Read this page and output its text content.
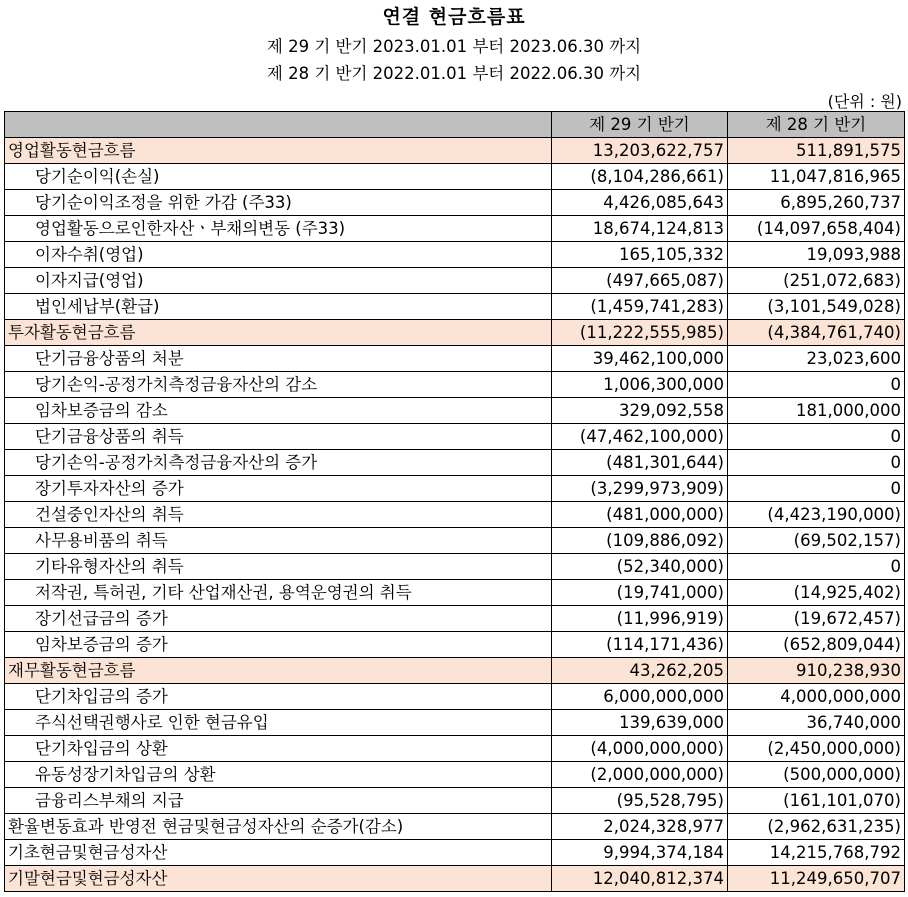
연결 현금흐름표
제 29 기 반기 2023.01.01 부터 2023.06.30 까지
제 28 기 반기 2022.01.01 부터 2022.06.30 까지
(단위 : 원)
	제 29 기 반기	제 28 기 반기
영업활동현금흐름	13,203,622,757	511,891,575
당기순이익(손실)	(8,104,286,661)	11,047,816,965
당기순이익조정을 위한 가감 (주33)	4,426,085,643	6,895,260,737
영업활동으로인한자산ㆍ부채의변동 (주33)	18,674,124,813	(14,097,658,404)
이자수취(영업)	165,105,332	19,093,988
이자지급(영업)	(497,665,087)	(251,072,683)
법인세납부(환급)	(1,459,741,283)	(3,101,549,028)
투자활동현금흐름	(11,222,555,985)	(4,384,761,740)
단기금융상품의 처분	39,462,100,000	23,023,600
당기손익-공정가치측정금융자산의 감소	1,006,300,000	0
임차보증금의 감소	329,092,558	181,000,000
단기금융상품의 취득	(47,462,100,000)	0
당기손익-공정가치측정금융자산의 증가	(481,301,644)	0
장기투자자산의 증가	(3,299,973,909)	0
건설중인자산의 취득	(481,000,000)	(4,423,190,000)
사무용비품의 취득	(109,886,092)	(69,502,157)
기타유형자산의 취득	(52,340,000)	0
저작권, 특허권, 기타 산업재산권, 용역운영권의 취득	(19,741,000)	(14,925,402)
장기선급금의 증가	(11,996,919)	(19,672,457)
임차보증금의 증가	(114,171,436)	(652,809,044)
재무활동현금흐름	43,262,205	910,238,930
단기차입금의 증가	6,000,000,000	4,000,000,000
주식선택권행사로 인한 현금유입	139,639,000	36,740,000
단기차입금의 상환	(4,000,000,000)	(2,450,000,000)
유동성장기차입금의 상환	(2,000,000,000)	(500,000,000)
금융리스부채의 지급	(95,528,795)	(161,101,070)
환율변동효과 반영전 현금및현금성자산의 순증가(감소)	2,024,328,977	(2,962,631,235)
기초현금및현금성자산	9,994,374,184	14,215,768,792
기말현금및현금성자산	12,040,812,374	11,249,650,707
